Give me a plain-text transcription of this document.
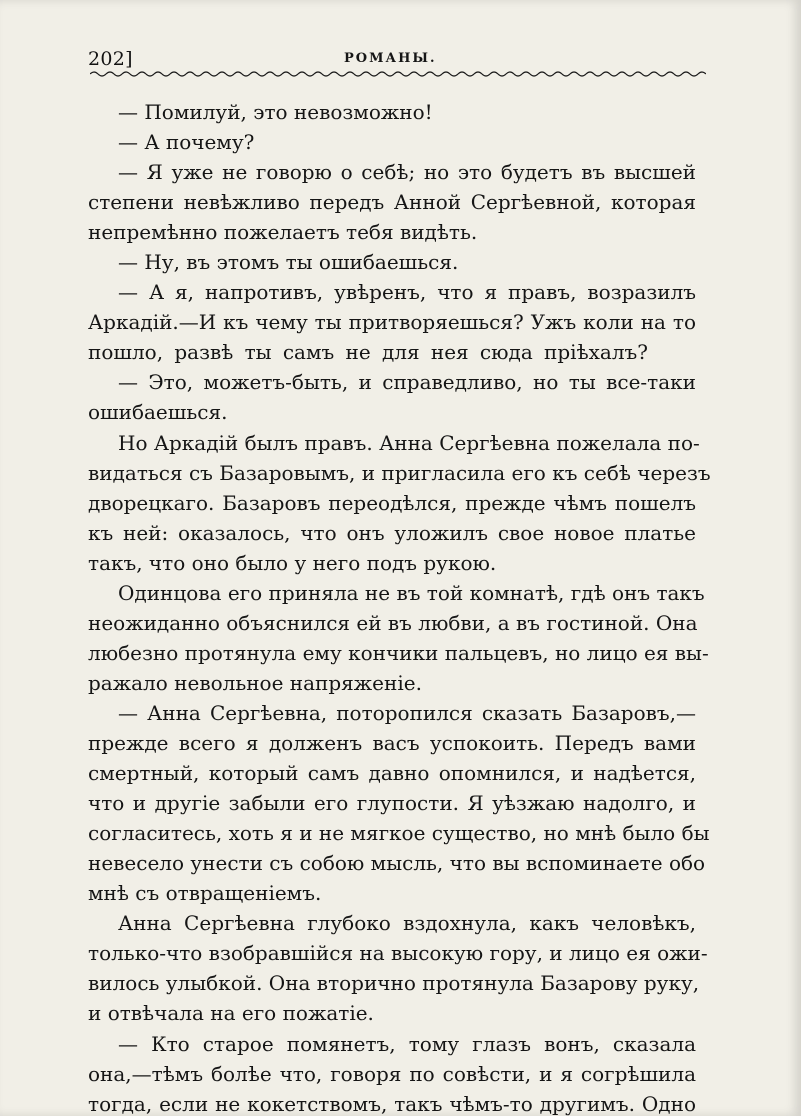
202]	РОМАНЫ.
— Помилуй, это невозможно!
— А почему?
— Я уже не говорю о себѣ; но это будетъ въ высшей
степени невѣжливо передъ Анной Сергѣевной, которая
непремѣнно пожелаетъ тебя видѣть.
— Ну, въ этомъ ты ошибаешься.
— А я, напротивъ, увѣренъ, что я правъ, возразилъ
Аркадій.—И къ чему ты притворяешься? Ужъ коли на то
пошло, развѣ ты самъ не для нея сюда пріѣхалъ?
— Это, можетъ-быть, и справедливо, но ты все-таки
ошибаешься.
Но Аркадій былъ правъ. Анна Сергѣевна пожелала по-
видаться съ Базаровымъ, и пригласила его къ себѣ черезъ
дворецкаго. Базаровъ переодѣлся, прежде чѣмъ пошелъ
къ ней: оказалось, что онъ уложилъ свое новое платье
такъ, что оно было у него подъ рукою.
Одинцова его приняла не въ той комнатѣ, гдѣ онъ такъ
неожиданно объяснился ей въ любви, а въ гостиной. Она
любезно протянула ему кончики пальцевъ, но лицо ея вы-
ражало невольное напряженіе.
— Анна Сергѣевна, поторопился сказать Базаровъ,—
прежде всего я долженъ васъ успокоить. Передъ вами
смертный, который самъ давно опомнился, и надѣется,
что и другіе забыли его глупости. Я уѣзжаю надолго, и
согласитесь, хоть я и не мягкое существо, но мнѣ было бы
невесело унести съ собою мысль, что вы вспоминаете обо
мнѣ съ отвращеніемъ.
Анна Сергѣевна глубоко вздохнула, какъ человѣкъ,
только-что взобравшійся на высокую гору, и лицо ея ожи-
вилось улыбкой. Она вторично протянула Базарову руку,
и отвѣчала на его пожатіе.
— Кто старое помянетъ, тому глазъ вонъ, сказала
она,—тѣмъ болѣе что, говоря по совѣсти, и я согрѣшила
тогда, если не кокетствомъ, такъ чѣмъ-то другимъ. Одно
